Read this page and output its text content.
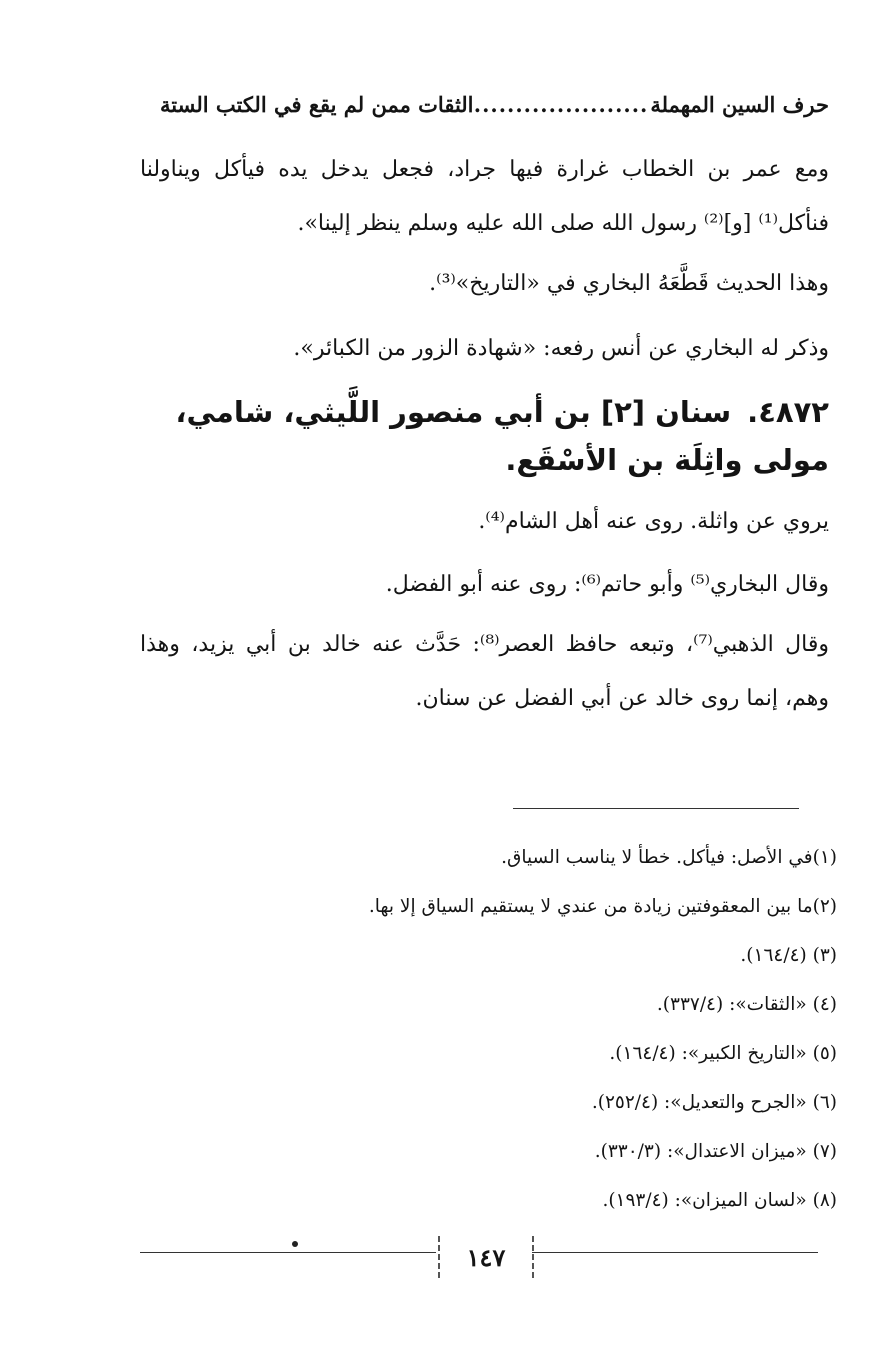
حرف السين المهملة
.....
الثقات ممن لم يقع في الكتب الستة
ومع عمر بن الخطاب غرارة فيها جراد، فجعل يدخل يده فيأكل ويناولنا فنأكل⁽¹⁾ [و]⁽²⁾ رسول الله صلى الله عليه وسلم ينظر إلينا».
وهذا الحديث قَطَّعَهُ البخاري في «التاريخ»⁽³⁾.
وذكر له البخاري عن أنس رفعه: «شهادة الزور من الكبائر».
٤٨٧٢.سنان [٢] بن أبي منصور اللَّيثي، شامي، مولى واثِلَة بن الأسْقَع.
يروي عن واثلة. روى عنه أهل الشام⁽⁴⁾.
وقال البخاري⁽⁵⁾ وأبو حاتم⁽⁶⁾: روى عنه أبو الفضل.
وقال الذهبي⁽⁷⁾، وتبعه حافظ العصر⁽⁸⁾: حَدَّث عنه خالد بن أبي يزيد، وهذا وهم، إنما روى خالد عن أبي الفضل عن سنان.
(١)في الأصل: فيأكل. خطأ لا يناسب السياق.
(٢)ما بين المعقوفتين زيادة من عندي لا يستقيم السياق إلا بها.
(٣) (١٦٤/٤).
(٤) «الثقات»: (٣٣٧/٤).
(٥) «التاريخ الكبير»: (١٦٤/٤).
(٦) «الجرح والتعديل»: (٢٥٢/٤).
(٧) «ميزان الاعتدال»: (٣٣٠/٣).
(٨) «لسان الميزان»: (١٩٣/٤).
١٤٧
